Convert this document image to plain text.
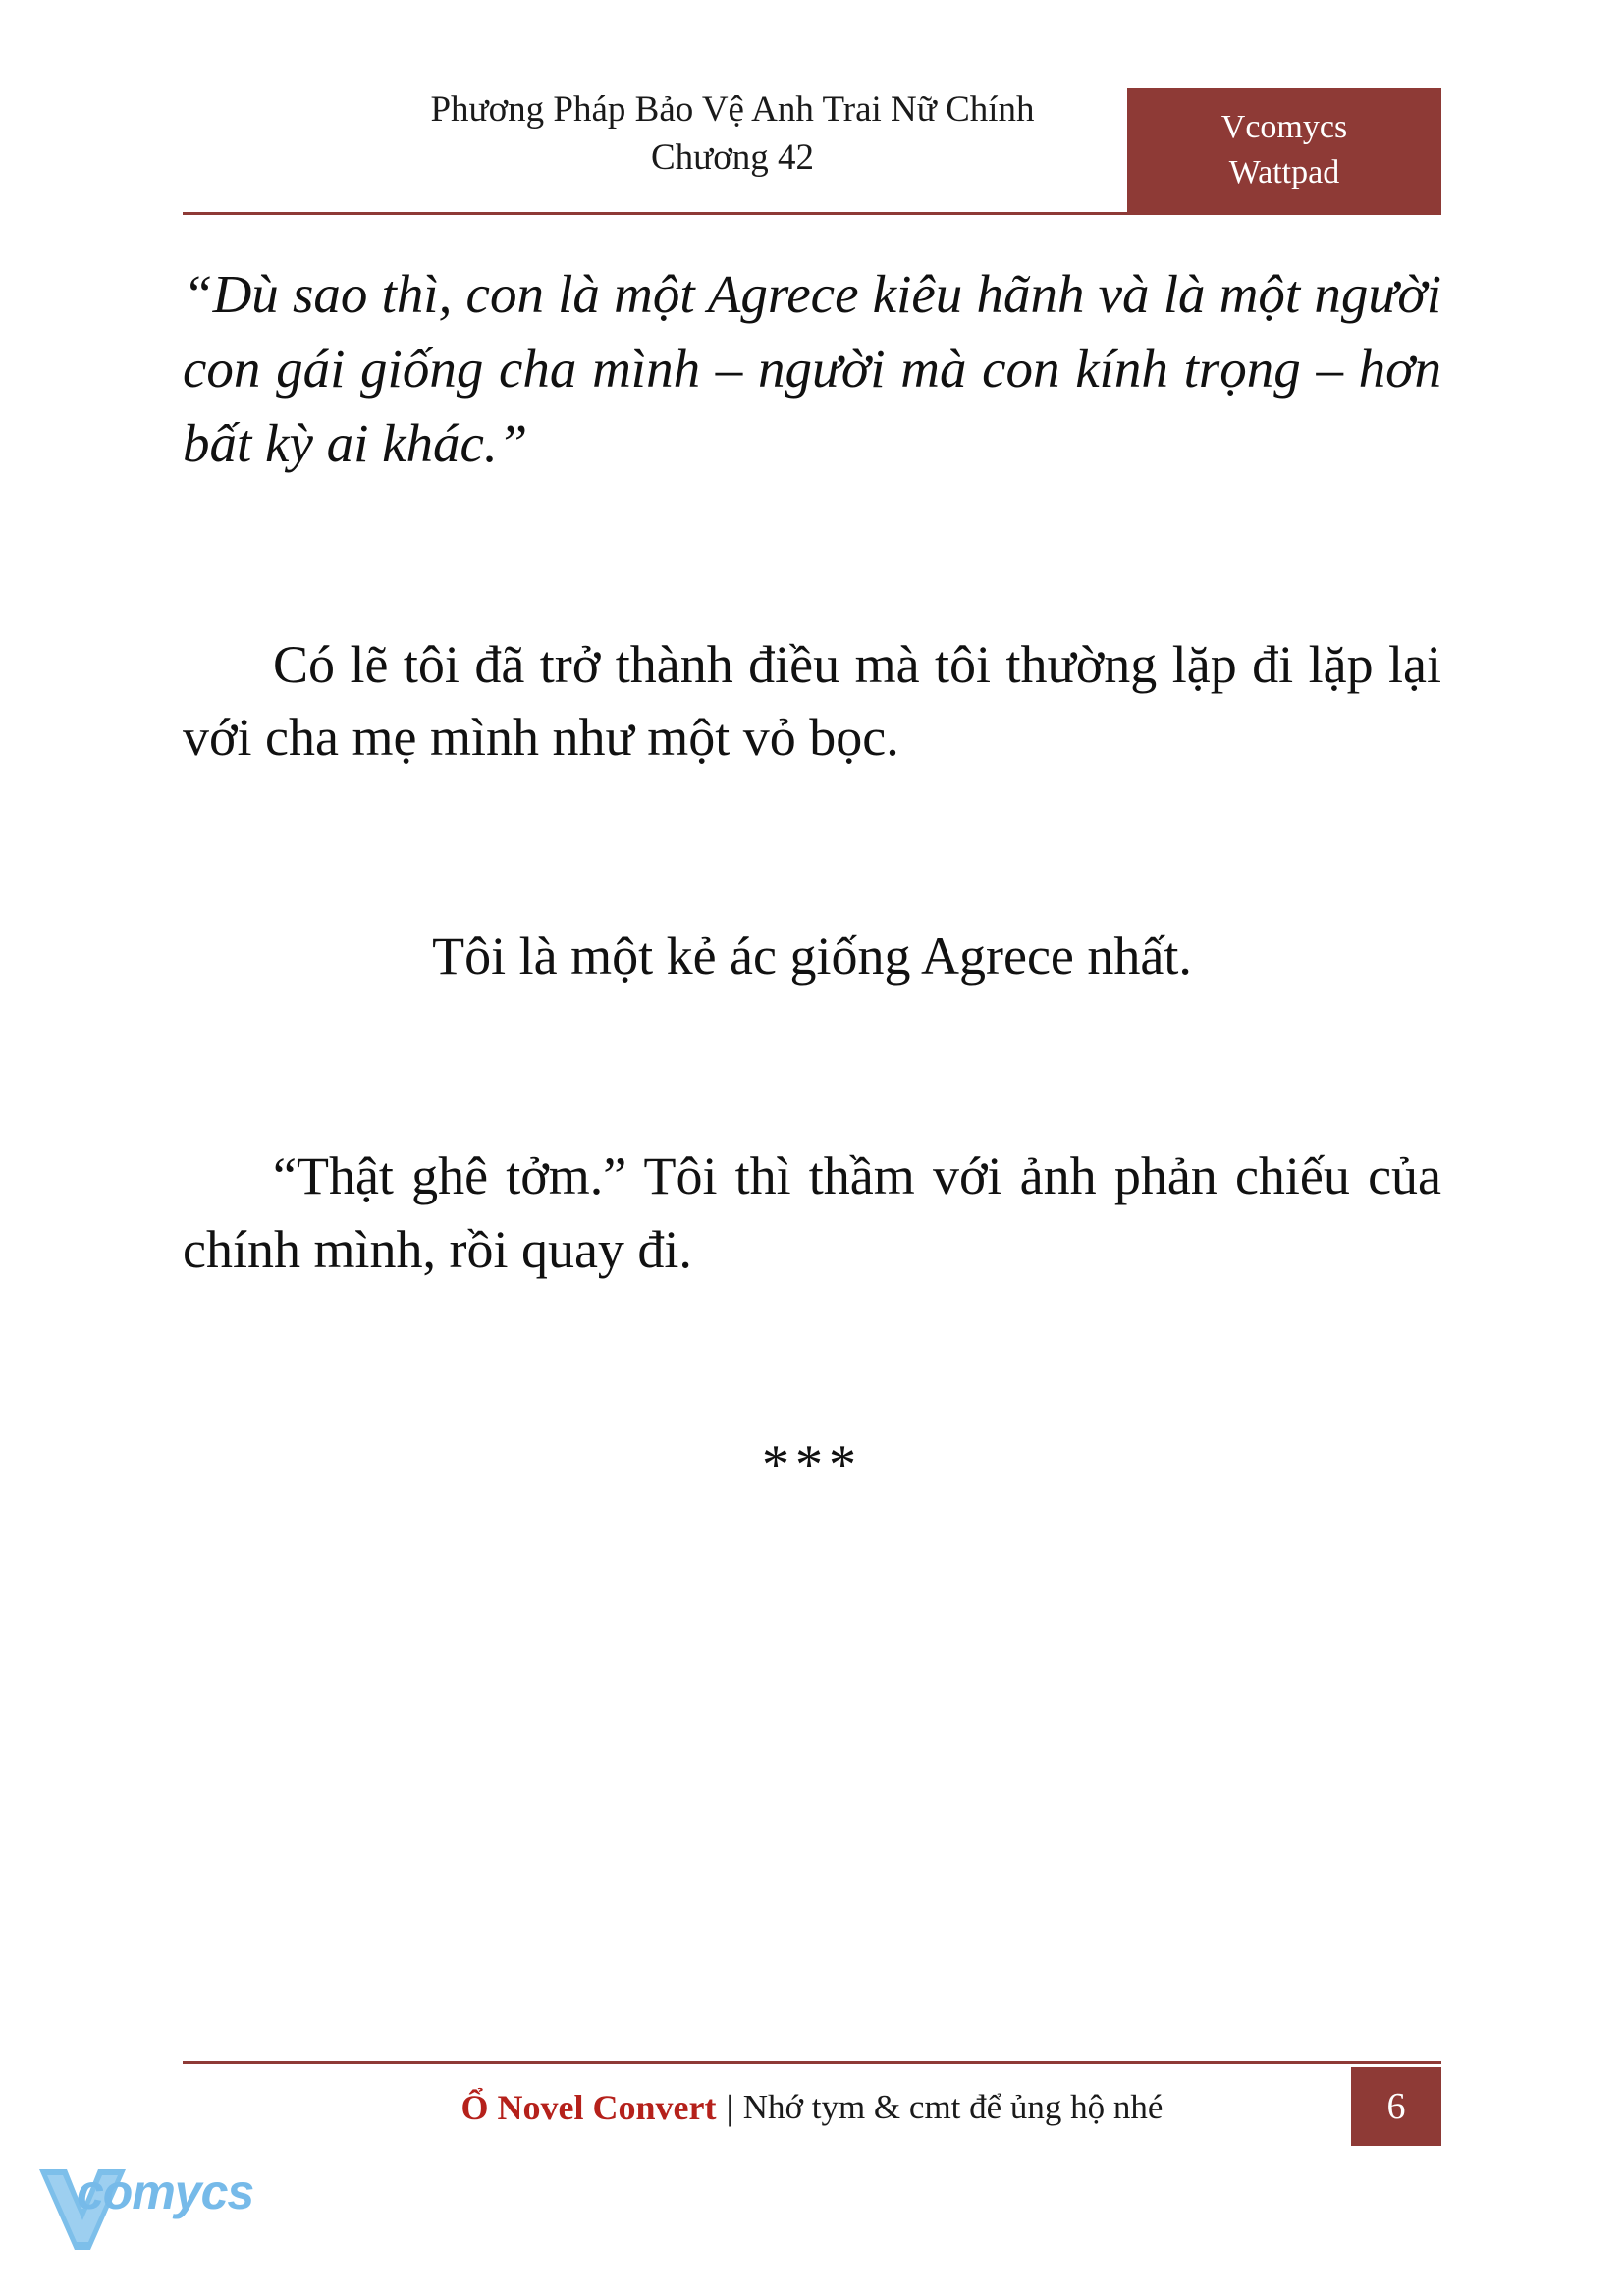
Phương Pháp Bảo Vệ Anh Trai Nữ Chính
Chương 42
Vcomycs
Wattpad

“Dù sao thì, con là một Agrece kiêu hãnh và là một người con gái giống cha mình – người mà con kính trọng – hơn bất kỳ ai khác.”

Có lẽ tôi đã trở thành điều mà tôi thường lặp đi lặp lại với cha mẹ mình như một vỏ bọc.

Tôi là một kẻ ác giống Agrece nhất.

“Thật ghê tởm.” Tôi thì thầm với ảnh phản chiếu của chính mình, rồi quay đi.

***
Ổ Novel Convert | Nhớ tym & cmt để ủng hộ nhé	6
comycs
